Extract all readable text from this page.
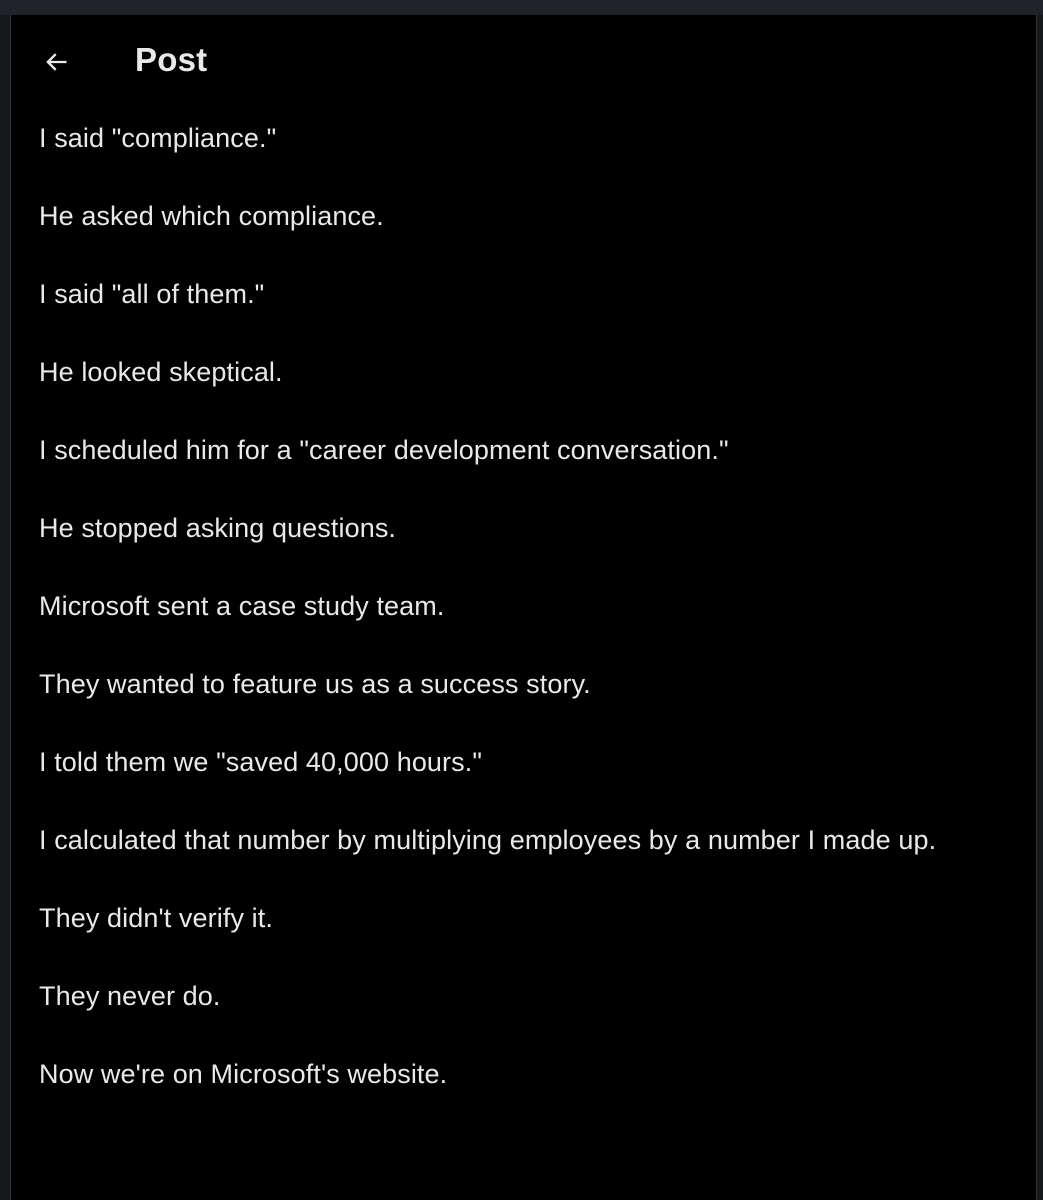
Post

I said "compliance."

He asked which compliance.

I said "all of them."

He looked skeptical.

I scheduled him for a "career development conversation."

He stopped asking questions.

Microsoft sent a case study team.

They wanted to feature us as a success story.

I told them we "saved 40,000 hours."

I calculated that number by multiplying employees by a number I made up.

They didn't verify it.

They never do.

Now we're on Microsoft's website.
